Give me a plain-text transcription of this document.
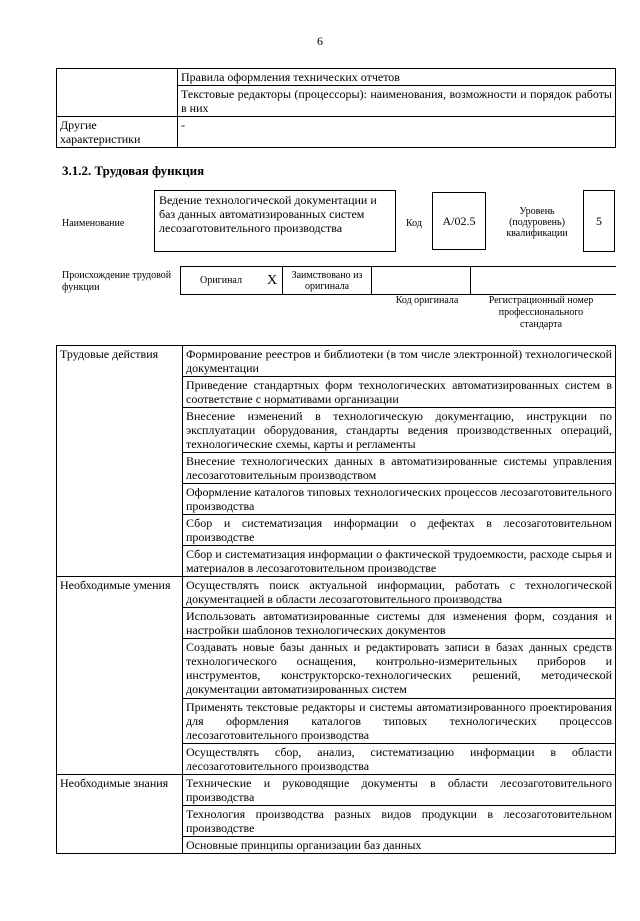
6
	Правила оформления технических отчетов
	Текстовые редакторы (процессоры): наименования, возможности и порядок работы в них
Другие характеристики	-
3.1.2. Трудовая функция
Наименование
Ведение технологической документации и баз данных автоматизированных систем лесозаготовительного производства	Код	А/02.5
Уровень (подуровень) квалификации
5
Происхождение трудовой функции
Оригинал	X	Заимствовано из оригинала
Код оригинала	Регистрационный номер профессионального стандарта
Трудовые действия	Формирование реестров и библиотеки (в том числе электронной) технологической документации
	Приведение стандартных форм технологических автоматизированных систем в соответствие с нормативами организации
	Внесение изменений в технологическую документацию, инструкции по эксплуатации оборудования, стандарты ведения производственных операций, технологические схемы, карты и регламенты
	Внесение технологических данных в автоматизированные системы управления лесозаготовительным производством
	Оформление каталогов типовых технологических процессов лесозаготовительного производства
	Сбор и систематизация информации о дефектах в лесозаготовительном производстве
	Сбор и систематизация информации о фактической трудоемкости, расходе сырья и материалов в лесозаготовительном производстве
Необходимые умения	Осуществлять поиск актуальной информации, работать с технологической документацией в области лесозаготовительного производства
	Использовать автоматизированные системы для изменения форм, создания и настройки шаблонов технологических документов
	Создавать новые базы данных и редактировать записи в базах данных средств технологического оснащения, контрольно-измерительных приборов и инструментов, конструкторско-технологических решений, методической документации автоматизированных систем
	Применять текстовые редакторы и системы автоматизированного проектирования для оформления каталогов типовых технологических процессов лесозаготовительного производства
	Осуществлять сбор, анализ, систематизацию информации в области лесозаготовительного производства
Необходимые знания	Технические и руководящие документы в области лесозаготовительного производства
	Технология производства разных видов продукции в лесозаготовительном производстве
	Основные принципы организации баз данных
